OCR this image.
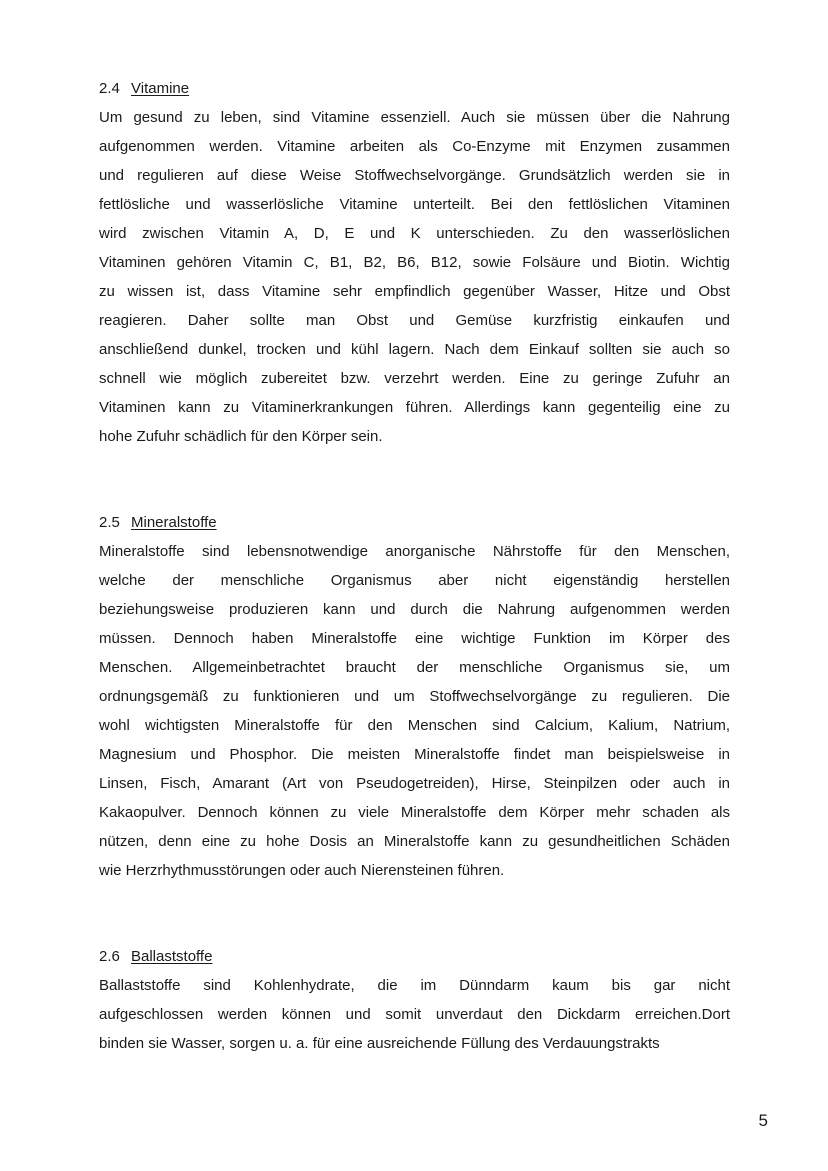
2.4 Vitamine
Um gesund zu leben, sind Vitamine essenziell. Auch sie müssen über die Nahrung
aufgenommen werden. Vitamine arbeiten als Co-Enzyme mit Enzymen zusammen
und regulieren auf diese Weise Stoffwechselvorgänge. Grundsätzlich werden sie in
fettlösliche und wasserlösliche Vitamine unterteilt. Bei den fettlöslichen Vitaminen
wird zwischen Vitamin A, D, E und K unterschieden. Zu den wasserlöslichen
Vitaminen gehören Vitamin C, B1, B2, B6, B12, sowie Folsäure und Biotin. Wichtig
zu wissen ist, dass Vitamine sehr empfindlich gegenüber Wasser, Hitze und Obst
reagieren. Daher sollte man Obst und Gemüse kurzfristig einkaufen und
anschließend dunkel, trocken und kühl lagern. Nach dem Einkauf sollten sie auch so
schnell wie möglich zubereitet bzw. verzehrt werden. Eine zu geringe Zufuhr an
Vitaminen kann zu Vitaminerkrankungen führen. Allerdings kann gegenteilig eine zu
hohe Zufuhr schädlich für den Körper sein.
2.5 Mineralstoffe
Mineralstoffe sind lebensnotwendige anorganische Nährstoffe für den Menschen,
welche der menschliche Organismus aber nicht eigenständig herstellen
beziehungsweise produzieren kann und durch die Nahrung aufgenommen werden
müssen. Dennoch haben Mineralstoffe eine wichtige Funktion im Körper des
Menschen. Allgemeinbetrachtet braucht der menschliche Organismus sie, um
ordnungsgemäß zu funktionieren und um Stoffwechselvorgänge zu regulieren. Die
wohl wichtigsten Mineralstoffe für den Menschen sind Calcium, Kalium, Natrium,
Magnesium und Phosphor. Die meisten Mineralstoffe findet man beispielsweise in
Linsen, Fisch, Amarant (Art von Pseudogetreiden), Hirse, Steinpilzen oder auch in
Kakaopulver. Dennoch können zu viele Mineralstoffe dem Körper mehr schaden als
nützen, denn eine zu hohe Dosis an Mineralstoffe kann zu gesundheitlichen Schäden
wie Herzrhythmusstörungen oder auch Nierensteinen führen.
2.6 Ballaststoffe
Ballaststoffe sind Kohlenhydrate, die im Dünndarm kaum bis gar nicht
aufgeschlossen werden können und somit unverdaut den Dickdarm erreichen.Dort
binden sie Wasser, sorgen u. a. für eine ausreichende Füllung des Verdauungstrakts
5
